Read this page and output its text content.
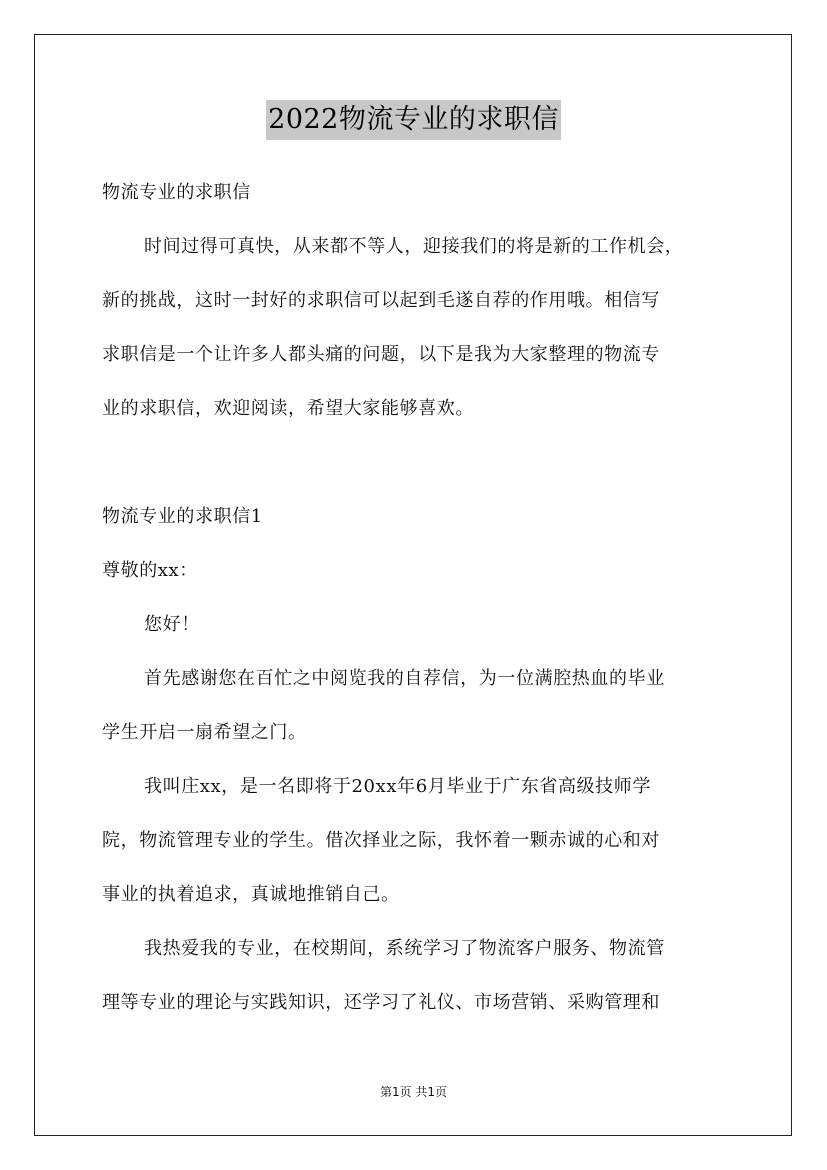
2022物流专业的求职信

物流专业的求职信

时间过得可真快，从来都不等人，迎接我们的将是新的工作机会，

新的挑战，这时一封好的求职信可以起到毛遂自荐的作用哦。相信写

求职信是一个让许多人都头痛的问题，以下是我为大家整理的物流专

业的求职信，欢迎阅读，希望大家能够喜欢。

物流专业的求职信1

尊敬的xx：

您好！

首先感谢您在百忙之中阅览我的自荐信，为一位满腔热血的毕业

学生开启一扇希望之门。

我叫庄xx，是一名即将于20xx年6月毕业于广东省高级技师学

院，物流管理专业的学生。借次择业之际，我怀着一颗赤诚的心和对

事业的执着追求，真诚地推销自己。

我热爱我的专业，在校期间，系统学习了物流客户服务、物流管

理等专业的理论与实践知识，还学习了礼仪、市场营销、采购管理和

第1页 共1页
